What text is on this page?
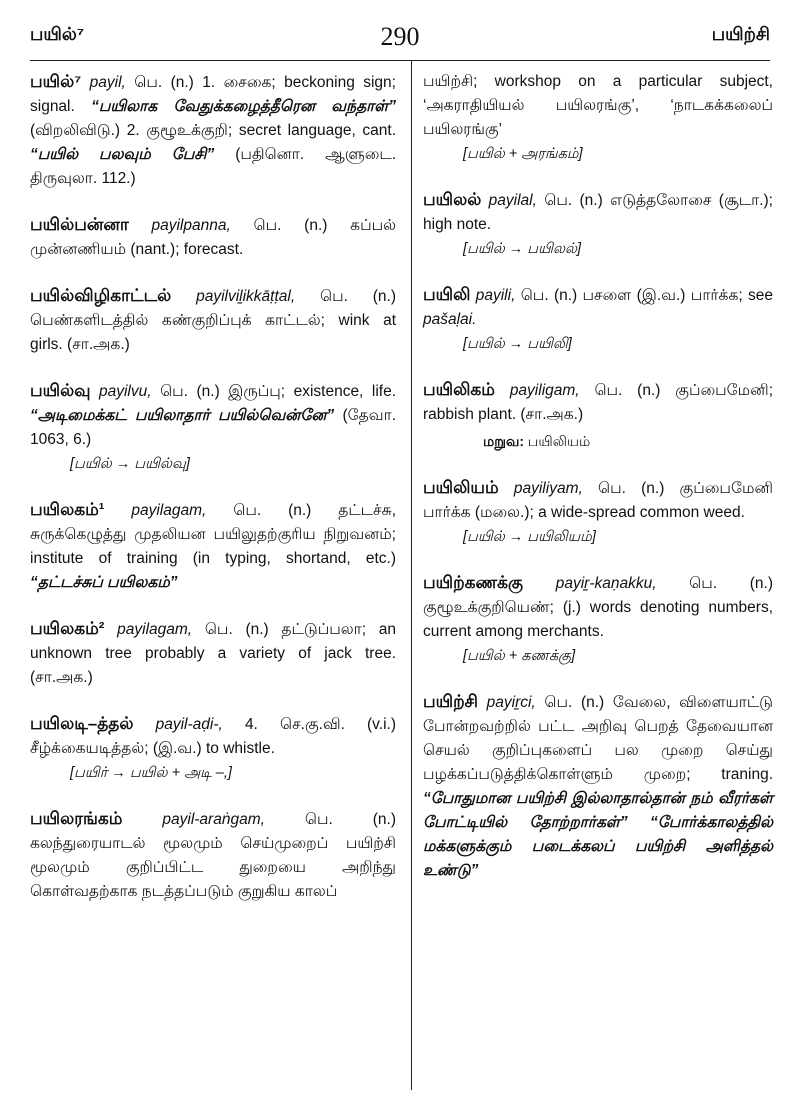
பயில்⁷	290	பயிற்சி
பயில்⁷ payil, பெ. (n.) 1. சைகை; beckoning sign; signal. “பயிலாக வேதுக்கழைத்தீரென வந்தாள்” (விறலிவிடு.) 2. குழூஉக்குறி; secret language, cant. “பயில் பலவும் பேசி” (பதினொ. ஆளுடை. திருவுலா. 112.)
பயில்பன்னா payilpanna, பெ. (n.) கப்பல் முன்னணியம் (nant.); forecast.
பயில்விழிகாட்டல் payilviḻikkāṭṭal, பெ. (n.) பெண்களிடத்தில் கண்குறிப்புக் காட்டல்; wink at girls. (சா.அக.)
பயில்வு payilvu, பெ. (n.) இருப்பு; existence, life. “அடிமைக்கட் பயிலாதார் பயில்வென்னே” (தேவா. 1063, 6.)
[பயில் → பயில்வு]
பயிலகம்¹ payilagam, பெ. (n.) தட்டச்சு, சுருக்கெழுத்து முதலியன பயிலுதற்குரிய நிறுவனம்; institute of training (in typing, shortand, etc.) “தட்டச்சுப் பயிலகம்”
பயிலகம்² payilagam, பெ. (n.) தட்டுப்பலா; an unknown tree probably a variety of jack tree. (சா.அக.)
பயிலடி–த்தல் payil-aḍi-, 4. செ.கு.வி. (v.i.) சீழ்க்கையடித்தல்; (இ.வ.) to whistle.
[பயிர் → பயில் + அடி –,]
பயிலரங்கம்	payil-araṅgam,	பெ. (n.) கலந்துரையாடல் மூலமும் செய்முறைப் பயிற்சி மூலமும் குறிப்பிட்ட துறையை அறிந்து கொள்வதற்காக நடத்தப்படும் குறுகிய காலப்
பயிற்சி; workshop on a particular subject, ‘அகராதியியல் பயிலரங்கு’, ‘நாடகக்கலைப் பயிலரங்கு’
[பயில் + அரங்கம்]
பயிலல் payilal, பெ. (n.) எடுத்தலோசை (சூடா.); high note.
[பயில் → பயிலல்]
பயிலி payili, பெ. (n.) பசளை (இ.வ.) பார்க்க; see pašaḷai.
[பயில் → பயிலி]
பயிலிகம் payiligam, பெ. (n.) குப்பைமேனி; rabbish plant. (சா.அக.)
மறுவ: பயிலியம்
பயிலியம் payiliyam, பெ. (n.) குப்பைமேனி பார்க்க (மலை.); a wide-spread common weed.
[பயில் → பயிலியம்]
பயிற்கணக்கு payiṟ-kaṇakku, பெ. (n.) குழூஉக்குறியெண்; (j.) words denoting numbers, current among merchants.
[பயில் + கணக்கு]
பயிற்சி payiṟci, பெ. (n.) வேலை, விளையாட்டு போன்றவற்றில் பட்ட அறிவு பெறத் தேவையான செயல் குறிப்புகளைப் பல முறை செய்து பழக்கப்படுத்திக்கொள்ளும் முறை; traning. “போதுமான பயிற்சி இல்லாதால்தான் நம் வீரர்கள் போட்டியில் தோற்றார்கள்” “போர்க்காலத்தில் மக்களுக்கும் படைக்கலப் பயிற்சி அளித்தல் உண்டு”
